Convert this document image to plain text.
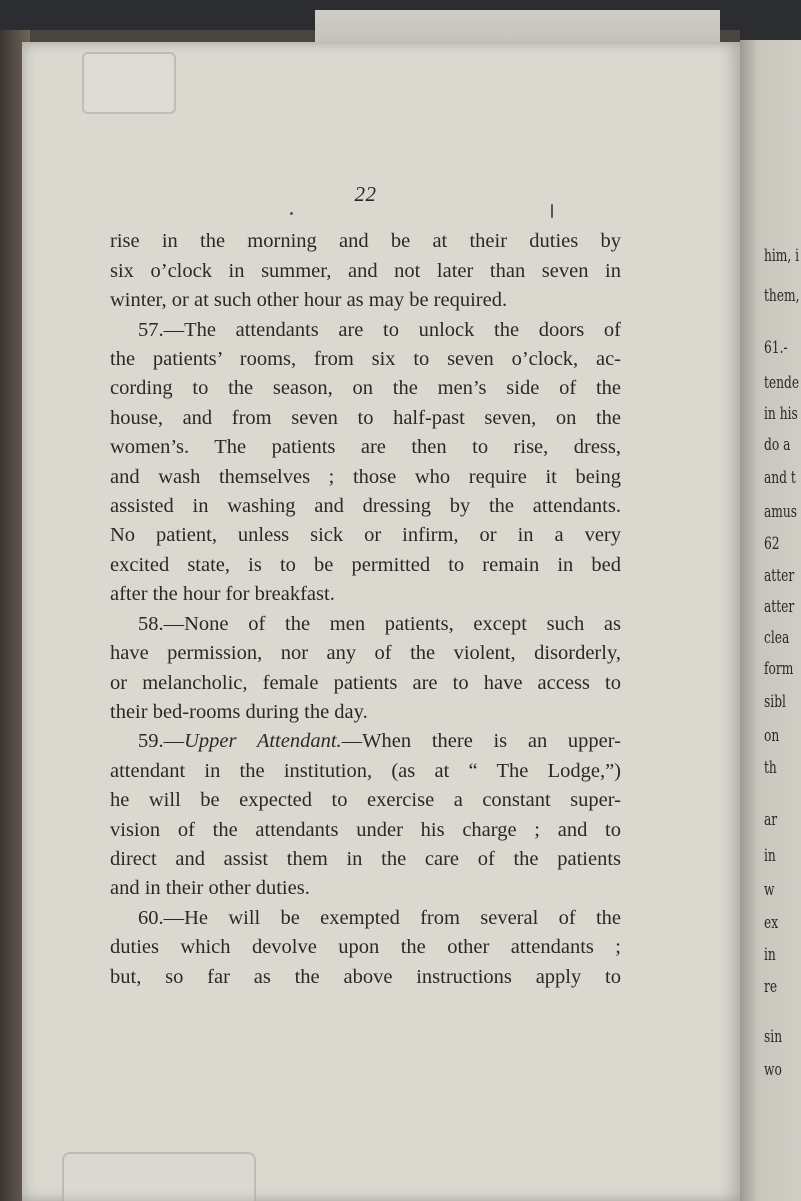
him, i
them,
61.-
tende
in his
do a
and t
amus
62
atter
atter
clea
form
sibl
on
th
ar
in
w
ex
in
re
sin
wo
22
rise in the morning and be at their duties by
six o’clock in summer, and not later than seven in
winter, or at such other hour as may be required.
57.—The attendants are to unlock the doors of
the patients’ rooms, from six to seven o’clock, ac-
cording to the season, on the men’s side of the
house, and from seven to half-past seven, on the
women’s. The patients are then to rise, dress,
and wash themselves ; those who require it being
assisted in washing and dressing by the attendants.
No patient, unless sick or infirm, or in a very
excited state, is to be permitted to remain in bed
after the hour for breakfast.
58.—None of the men patients, except such as
have permission, nor any of the violent, disorderly,
or melancholic, female patients are to have access to
their bed-rooms during the day.
59.—Upper Attendant.—When there is an upper-
attendant in the institution, (as at “ The Lodge,”)
he will be expected to exercise a constant super-
vision of the attendants under his charge ; and to
direct and assist them in the care of the patients
and in their other duties.
60.—He will be exempted from several of the
duties which devolve upon the other attendants ;
but, so far as the above instructions apply to
